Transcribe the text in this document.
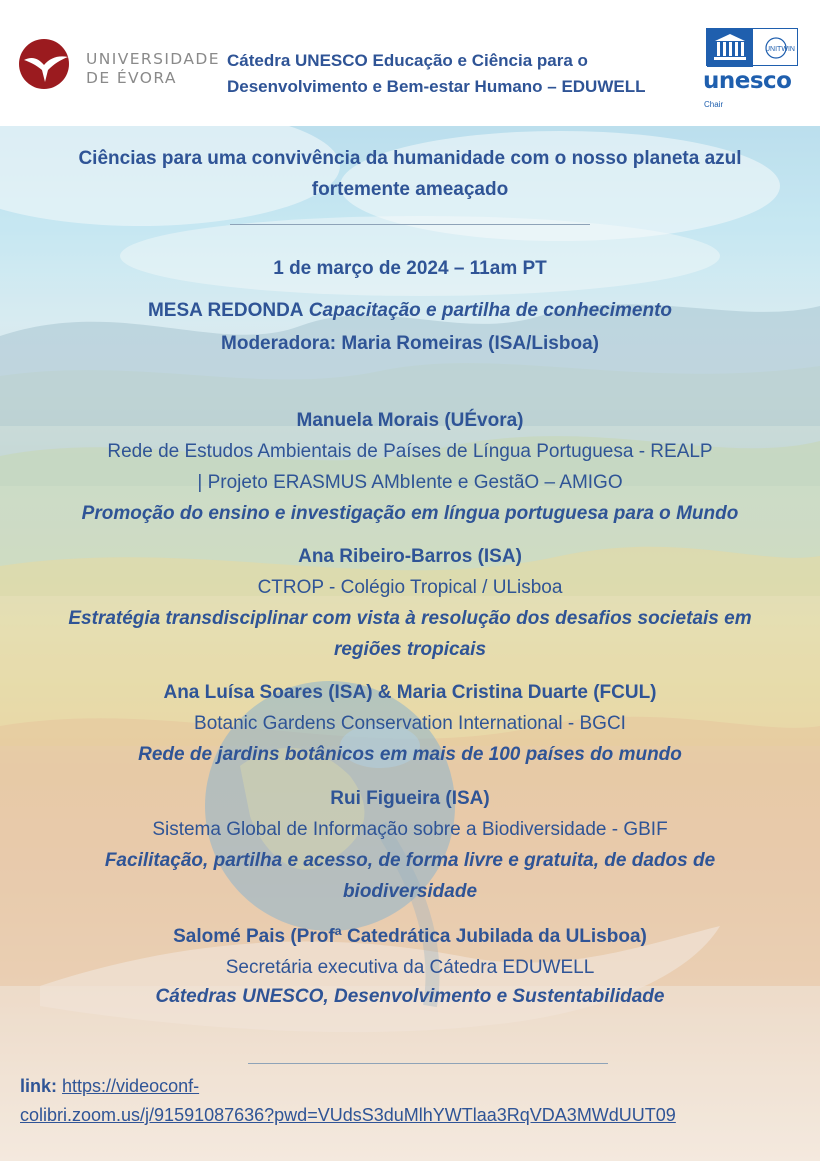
UNIVERSIDADE
DE ÉVORA
Cátedra UNESCO Educação e Ciência para o
Desenvolvimento e Bem-estar Humano – EDUWELL
UNITWIN
unesco
Chair
Ciências para uma convivência da humanidade com o nosso planeta azul
fortemente ameaçado
1 de março de 2024 – 11am PT
MESA REDONDA Capacitação e partilha de conhecimento
Moderadora: Maria Romeiras (ISA/Lisboa)
Manuela Morais (UÉvora)
Rede de Estudos Ambientais de Países de Língua Portuguesa - REALP
| Projeto ERASMUS AMbIente e GestãO – AMIGO
Promoção do ensino e investigação em língua portuguesa para o Mundo
Ana Ribeiro-Barros (ISA)
CTROP - Colégio Tropical / ULisboa
Estratégia transdisciplinar com vista à resolução dos desafios societais em
regiões tropicais
Ana Luísa Soares (ISA) & Maria Cristina Duarte (FCUL)
Botanic Gardens Conservation International - BGCI
Rede de jardins botânicos em mais de 100 países do mundo
Rui Figueira (ISA)
Sistema Global de Informação sobre a Biodiversidade - GBIF
Facilitação, partilha e acesso, de forma livre e gratuita, de dados de
biodiversidade
Salomé Pais (Profª Catedrática Jubilada da ULisboa)
Secretária executiva da Cátedra EDUWELL
Cátedras UNESCO, Desenvolvimento e Sustentabilidade
link: https://videoconf-
colibri.zoom.us/j/91591087636?pwd=VUdsS3duMlhYWTlaa3RqVDA3MWdUUT09
